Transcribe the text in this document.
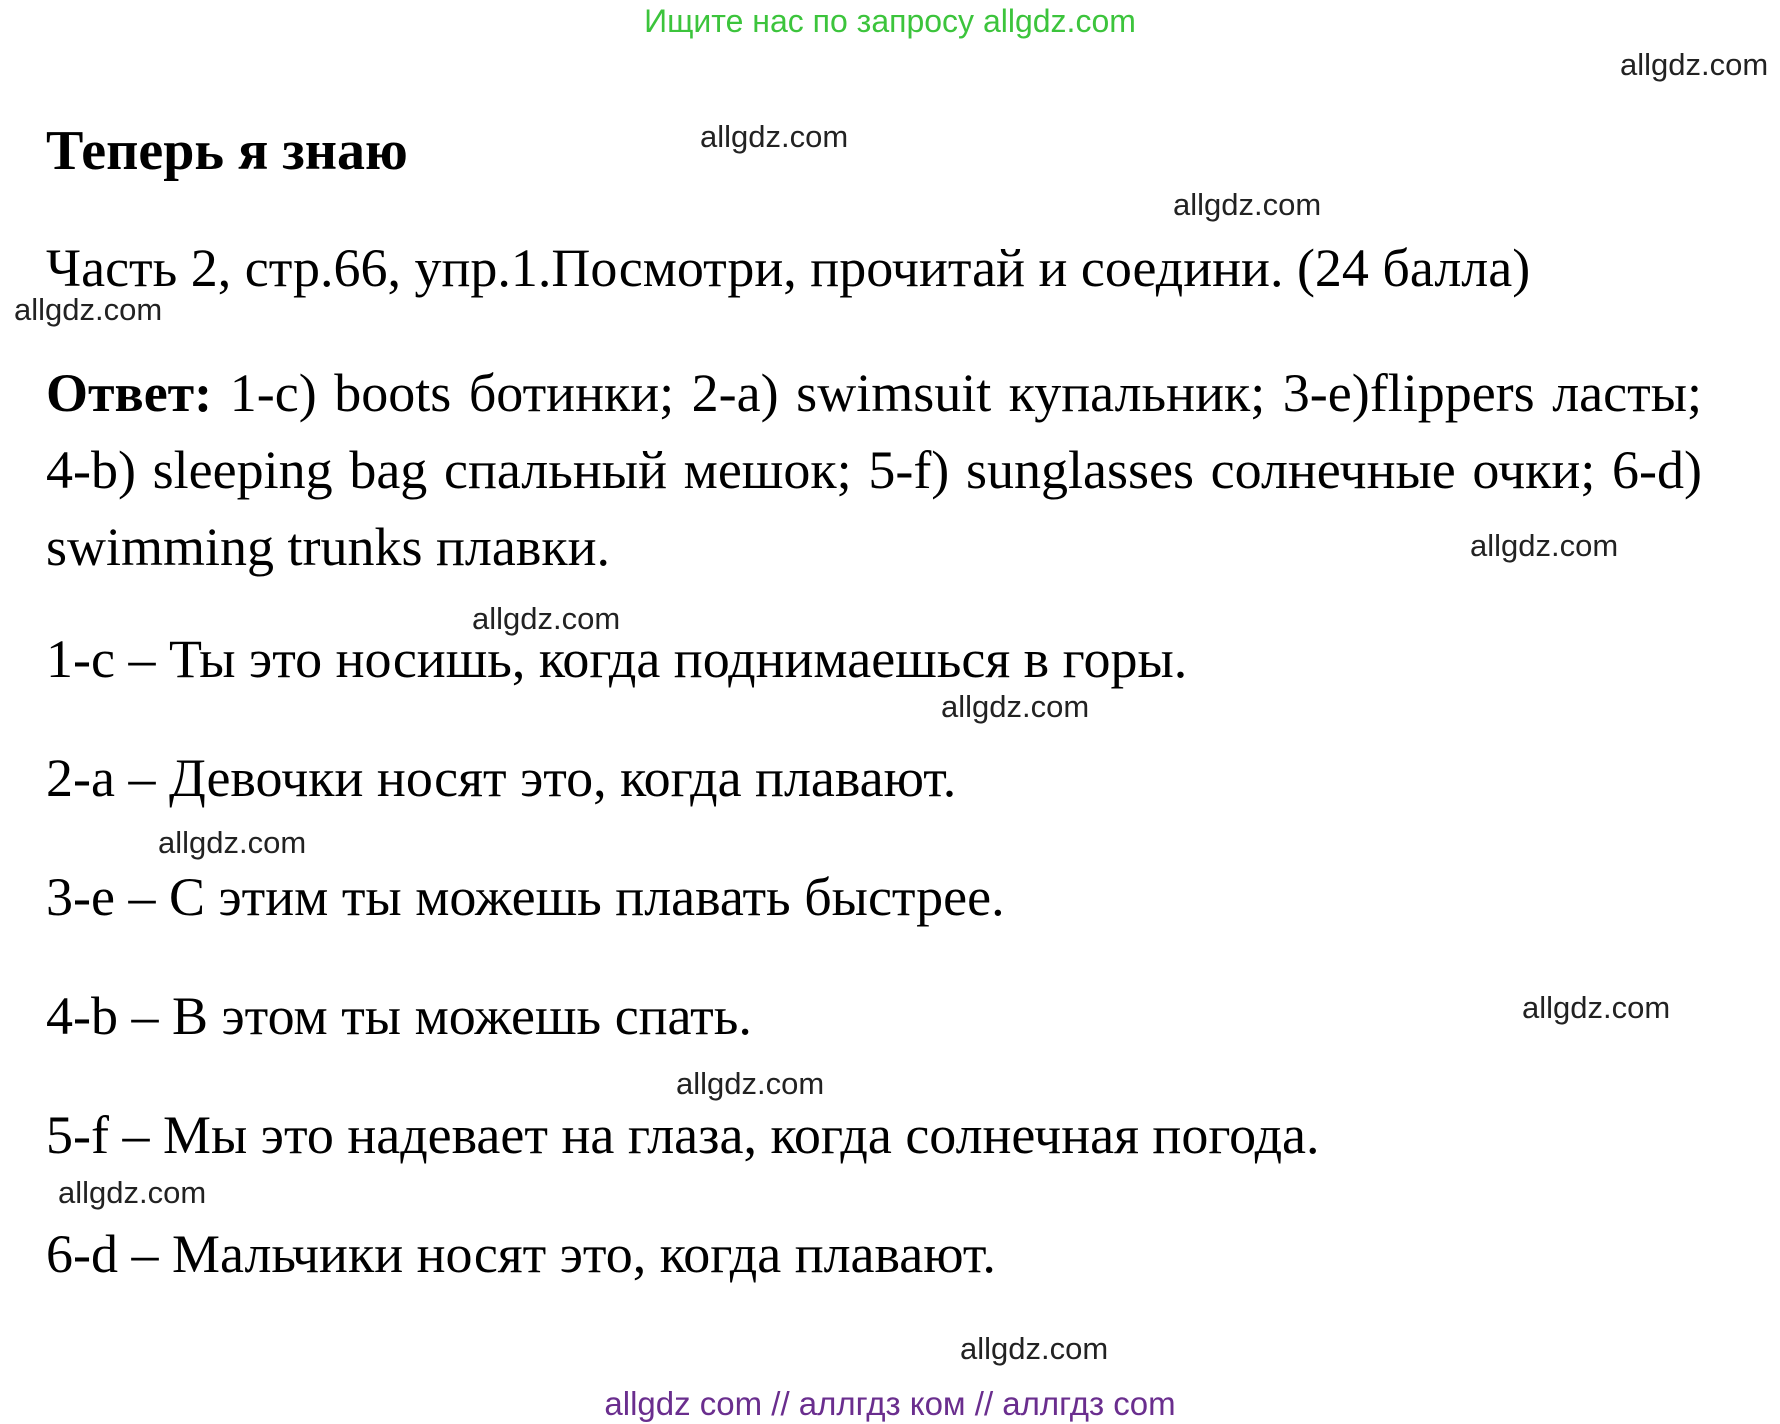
Ищите нас по запросу allgdz.com
allgdz.com
allgdz.com
allgdz.com
allgdz.com
allgdz.com
allgdz.com
allgdz.com
allgdz.com
allgdz.com
allgdz.com
allgdz.com
allgdz.com
Теперь я знаю
Часть 2, стр.66, упр.1.Посмотри, прочитай и соедини. (24 балла)
Ответ: 1-c) boots ботинки; 2-a) swimsuit купальник; 3-e)flippers ласты; 4-b) sleeping bag спальный мешок; 5-f) sunglasses солнечные очки; 6-d) swimming trunks плавки.
1-c – Ты это носишь, когда поднимаешься в горы.
2-a – Девочки носят это, когда плавают.
3-e – С этим ты можешь плавать быстрее.
4-b – В этом ты можешь спать.
5-f – Мы это надевает на глаза, когда солнечная погода.
6-d – Мальчики носят это, когда плавают.
allgdz com // аллгдз ком // аллгдз com
